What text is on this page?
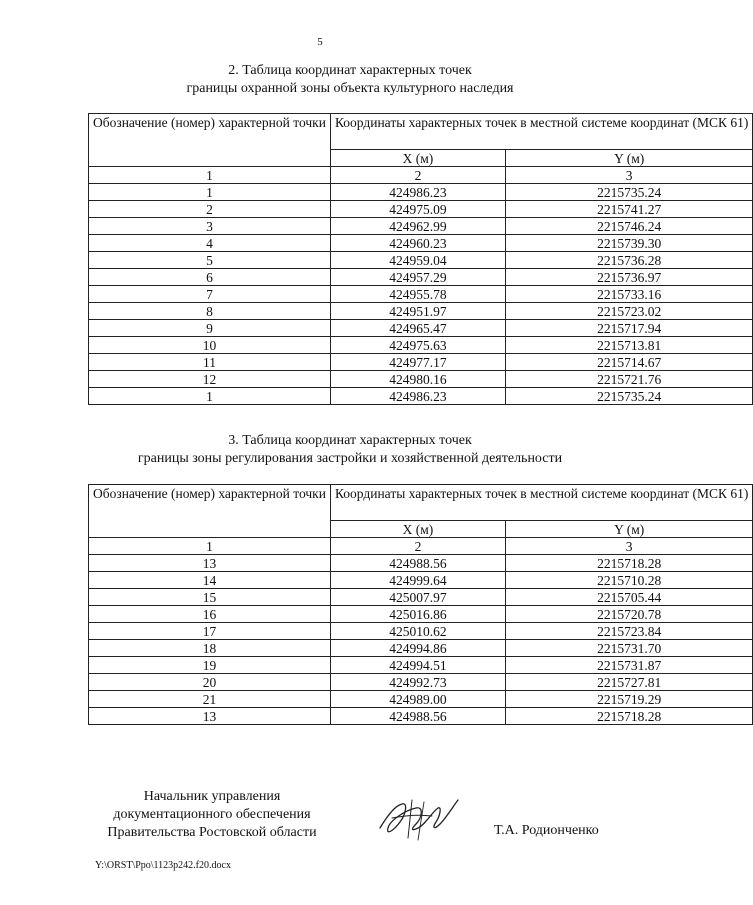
5
2. Таблица координат характерных точек
границы охранной зоны объекта культурного наследия
Обозначение (номер) характерной точки	Координаты характерных точек в местной системе координат (МСК 61)	
	X (м)	Y (м)
1	2	3
1	424986.23	2215735.24
2	424975.09	2215741.27
3	424962.99	2215746.24
4	424960.23	2215739.30
5	424959.04	2215736.28
6	424957.29	2215736.97
7	424955.78	2215733.16
8	424951.97	2215723.02
9	424965.47	2215717.94
10	424975.63	2215713.81
11	424977.17	2215714.67
12	424980.16	2215721.76
1	424986.23	2215735.24
3. Таблица координат характерных точек
границы зоны регулирования застройки и хозяйственной деятельности
Обозначение (номер) характерной точки	Координаты характерных точек в местной системе координат (МСК 61)	
	X (м)	Y (м)
1	2	3
13	424988.56	2215718.28
14	424999.64	2215710.28
15	425007.97	2215705.44
16	425016.86	2215720.78
17	425010.62	2215723.84
18	424994.86	2215731.70
19	424994.51	2215731.87
20	424992.73	2215727.81
21	424989.00	2215719.29
13	424988.56	2215718.28
Начальник управления
документационного обеспечения
Правительства Ростовской области	Т.А. Родионченко
Y:\ORST\Ppo\1123p242.f20.docx
